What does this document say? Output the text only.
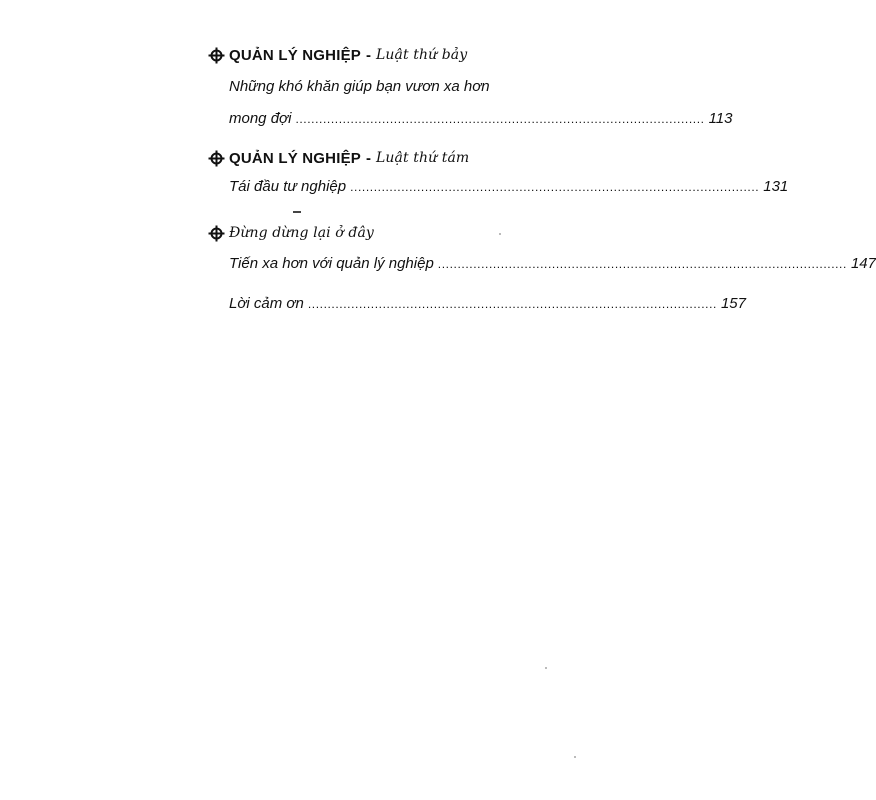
QUẢN LÝ NGHIỆP - Luật thứ bảy
Những khó khăn giúp bạn vươn xa hơn
mong đợi ........................................................................................................ 113
QUẢN LÝ NGHIỆP - Luật thứ tám
Tái đầu tư nghiệp ........................................................................................................ 131
Đừng dừng lại ở đây
Tiến xa hơn với quản lý nghiệp ........................................................................................................ 147
Lời cảm ơn ........................................................................................................ 157
